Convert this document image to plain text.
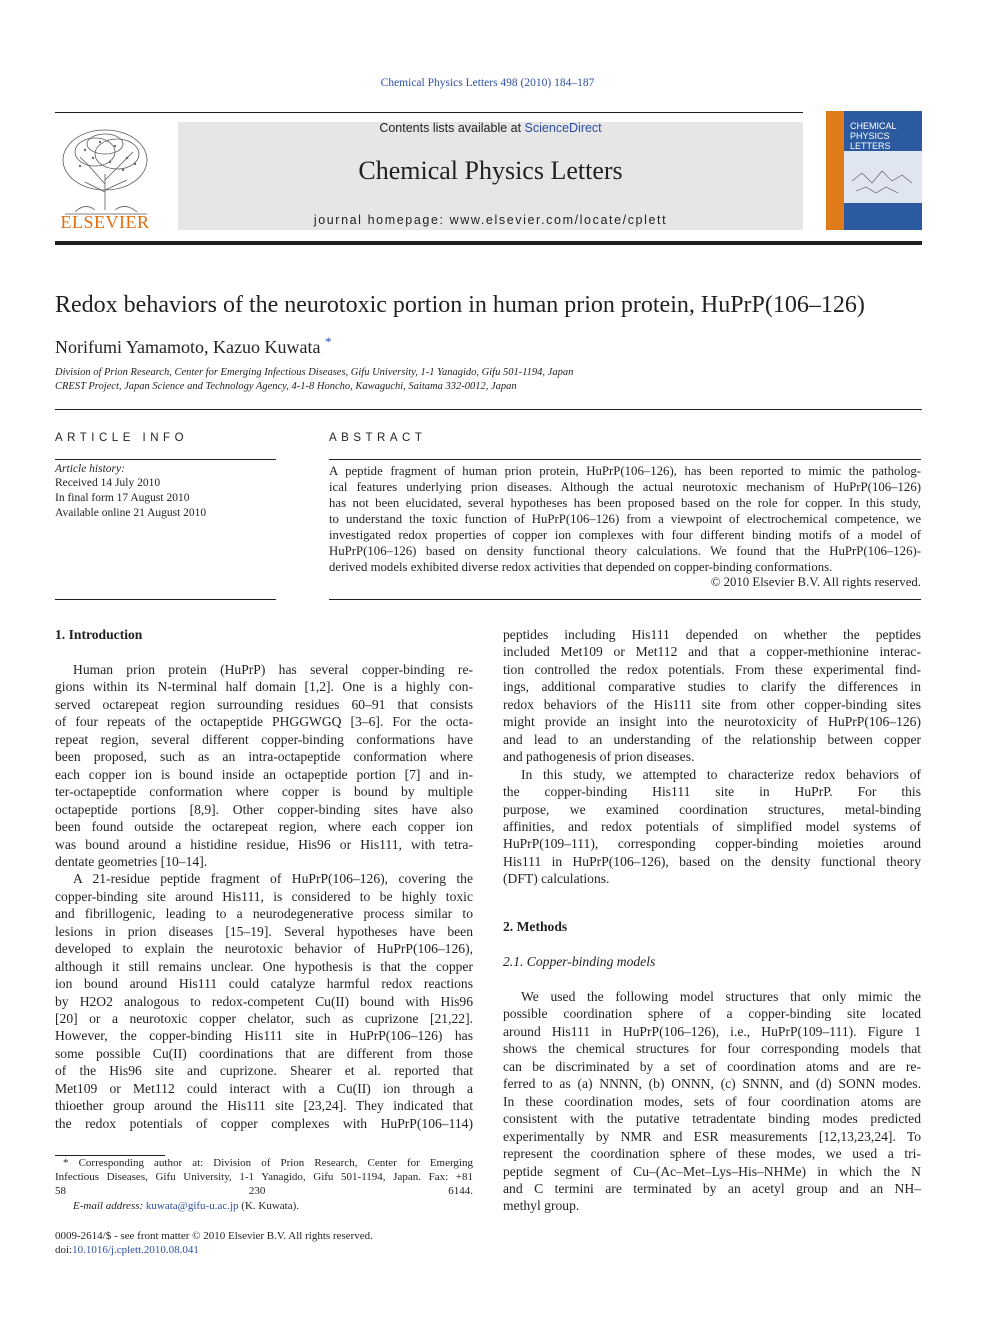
Chemical Physics Letters 498 (2010) 184–187
ELSEVIER
Contents lists available at ScienceDirect
Chemical Physics Letters
journal homepage: www.elsevier.com/locate/cplett
CHEMICAL
PHYSICS
LETTERS
Redox behaviors of the neurotoxic portion in human prion protein, HuPrP(106–126)
Norifumi Yamamoto, Kazuo Kuwata *
Division of Prion Research, Center for Emerging Infectious Diseases, Gifu University, 1-1 Yanagido, Gifu 501-1194, Japan
CREST Project, Japan Science and Technology Agency, 4-1-8 Honcho, Kawaguchi, Saitama 332-0012, Japan
ARTICLE INFO
Article history:
Received 14 July 2010
In final form 17 August 2010
Available online 21 August 2010
ABSTRACT
A peptide fragment of human prion protein, HuPrP(106–126), has been reported to mimic the patholog-
ical features underlying prion diseases. Although the actual neurotoxic mechanism of HuPrP(106–126)
has not been elucidated, several hypotheses has been proposed based on the role for copper. In this study,
to understand the toxic function of HuPrP(106–126) from a viewpoint of electrochemical competence, we
investigated redox properties of copper ion complexes with four different binding motifs of a model of
HuPrP(106–126) based on density functional theory calculations. We found that the HuPrP(106–126)-
derived models exhibited diverse redox activities that depended on copper-binding conformations.
© 2010 Elsevier B.V. All rights reserved.
1. Introduction
Human prion protein (HuPrP) has several copper-binding re-
gions within its N-terminal half domain [1,2]. One is a highly con-
served octarepeat region surrounding residues 60–91 that consists
of four repeats of the octapeptide PHGGWGQ [3–6]. For the octa-
repeat region, several different copper-binding conformations have
been proposed, such as an intra-octapeptide conformation where
each copper ion is bound inside an octapeptide portion [7] and in-
ter-octapeptide conformation where copper is bound by multiple
octapeptide portions [8,9]. Other copper-binding sites have also
been found outside the octarepeat region, where each copper ion
was bound around a histidine residue, His96 or His111, with tetra-
dentate geometries [10–14].
A 21-residue peptide fragment of HuPrP(106–126), covering the
copper-binding site around His111, is considered to be highly toxic
and fibrillogenic, leading to a neurodegenerative process similar to
lesions in prion diseases [15–19]. Several hypotheses have been
developed to explain the neurotoxic behavior of HuPrP(106–126),
although it still remains unclear. One hypothesis is that the copper
ion bound around His111 could catalyze harmful redox reactions
by H2O2 analogous to redox-competent Cu(II) bound with His96
[20] or a neurotoxic copper chelator, such as cuprizone [21,22].
However, the copper-binding His111 site in HuPrP(106–126) has
some possible Cu(II) coordinations that are different from those
of the His96 site and cuprizone. Shearer et al. reported that
Met109 or Met112 could interact with a Cu(II) ion through a
thioether group around the His111 site [23,24]. They indicated that
the redox potentials of copper complexes with HuPrP(106–114)
peptides including His111 depended on whether the peptides
included Met109 or Met112 and that a copper-methionine interac-
tion controlled the redox potentials. From these experimental find-
ings, additional comparative studies to clarify the differences in
redox behaviors of the His111 site from other copper-binding sites
might provide an insight into the neurotoxicity of HuPrP(106–126)
and lead to an understanding of the relationship between copper
and pathogenesis of prion diseases.
In this study, we attempted to characterize redox behaviors of
the copper-binding His111 site in HuPrP. For this
purpose, we examined coordination structures, metal-binding
affinities, and redox potentials of simplified model systems of
HuPrP(109–111), corresponding copper-binding moieties around
His111 in HuPrP(106–126), based on the density functional theory
(DFT) calculations.
We used the following model structures that only mimic the
possible coordination sphere of a copper-binding site located
around His111 in HuPrP(106–126), i.e., HuPrP(109–111). Figure 1
shows the chemical structures for four corresponding models that
can be discriminated by a set of coordination atoms and are re-
ferred to as (a) NNNN, (b) ONNN, (c) SNNN, and (d) SONN modes.
In these coordination modes, sets of four coordination atoms are
consistent with the putative tetradentate binding modes predicted
experimentally by NMR and ESR measurements [12,13,23,24]. To
represent the coordination sphere of these modes, we used a tri-
peptide segment of Cu–(Ac–Met–Lys–His–NHMe) in which the N
and C termini are terminated by an acetyl group and an NH–
methyl group.
2. Methods
2.1. Copper-binding models
* Corresponding author at: Division of Prion Research, Center for Emerging
Infectious Diseases, Gifu University, 1-1 Yanagido, Gifu 501-1194, Japan. Fax: +81
58 230 6144.
E-mail address: kuwata@gifu-u.ac.jp (K. Kuwata).
0009-2614/$ - see front matter © 2010 Elsevier B.V. All rights reserved.
doi:10.1016/j.cplett.2010.08.041
